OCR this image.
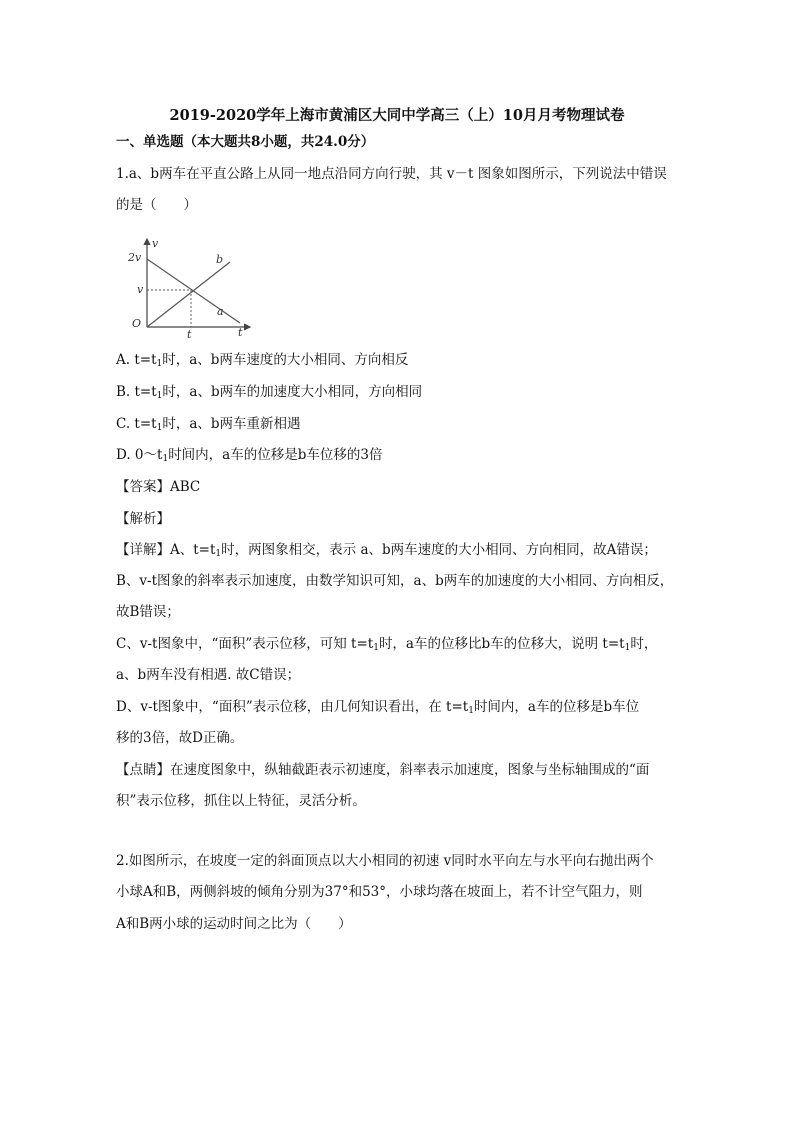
2019-2020学年上海市黄浦区大同中学高三（上）10月月考物理试卷
一、单选题（本大题共8小题，共24.0分）
1.a、b两车在平直公路上从同一地点沿同方向行驶，其 v－t 图象如图所示，下列说法中错误
的是（　　）
2v
v
O
v
b
a
t	t
A. $t=t_1$时，a、b两车速度的大小相同、方向相反
B. $t=t_1$时，a、b两车的加速度大小相同，方向相同
C. $t=t_1$时，a、b两车重新相遇
D. $0\sim t_1$时间内，a车的位移是b车位移的3倍
【答案】ABC
【解析】
【详解】A、$t=t_1$时，两图象相交，表示 a、b两车速度的大小相同、方向相同，故A错误；
B、v-t图象的斜率表示加速度，由数学知识可知，a、b两车的加速度的大小相同、方向相反，
故B错误；
C、v-t图象中，“面积”表示位移，可知 $t=t_1$时，a车的位移比b车的位移大，说明 $t=t_1$时，
a、b两车没有相遇. 故C错误；
D、v-t图象中，“面积”表示位移，由几何知识看出，在 $t=t_1$时间内，a车的位移是b车位
移的3倍，故D正确。
【点睛】在速度图象中，纵轴截距表示初速度，斜率表示加速度，图象与坐标轴围成的“面
积”表示位移，抓住以上特征，灵活分析。
2.如图所示，在坡度一定的斜面顶点以大小相同的初速 v同时水平向左与水平向右抛出两个
小球A和B，两侧斜坡的倾角分别为37°和53°，小球均落在坡面上，若不计空气阻力，则
A和B两小球的运动时间之比为（　　）
